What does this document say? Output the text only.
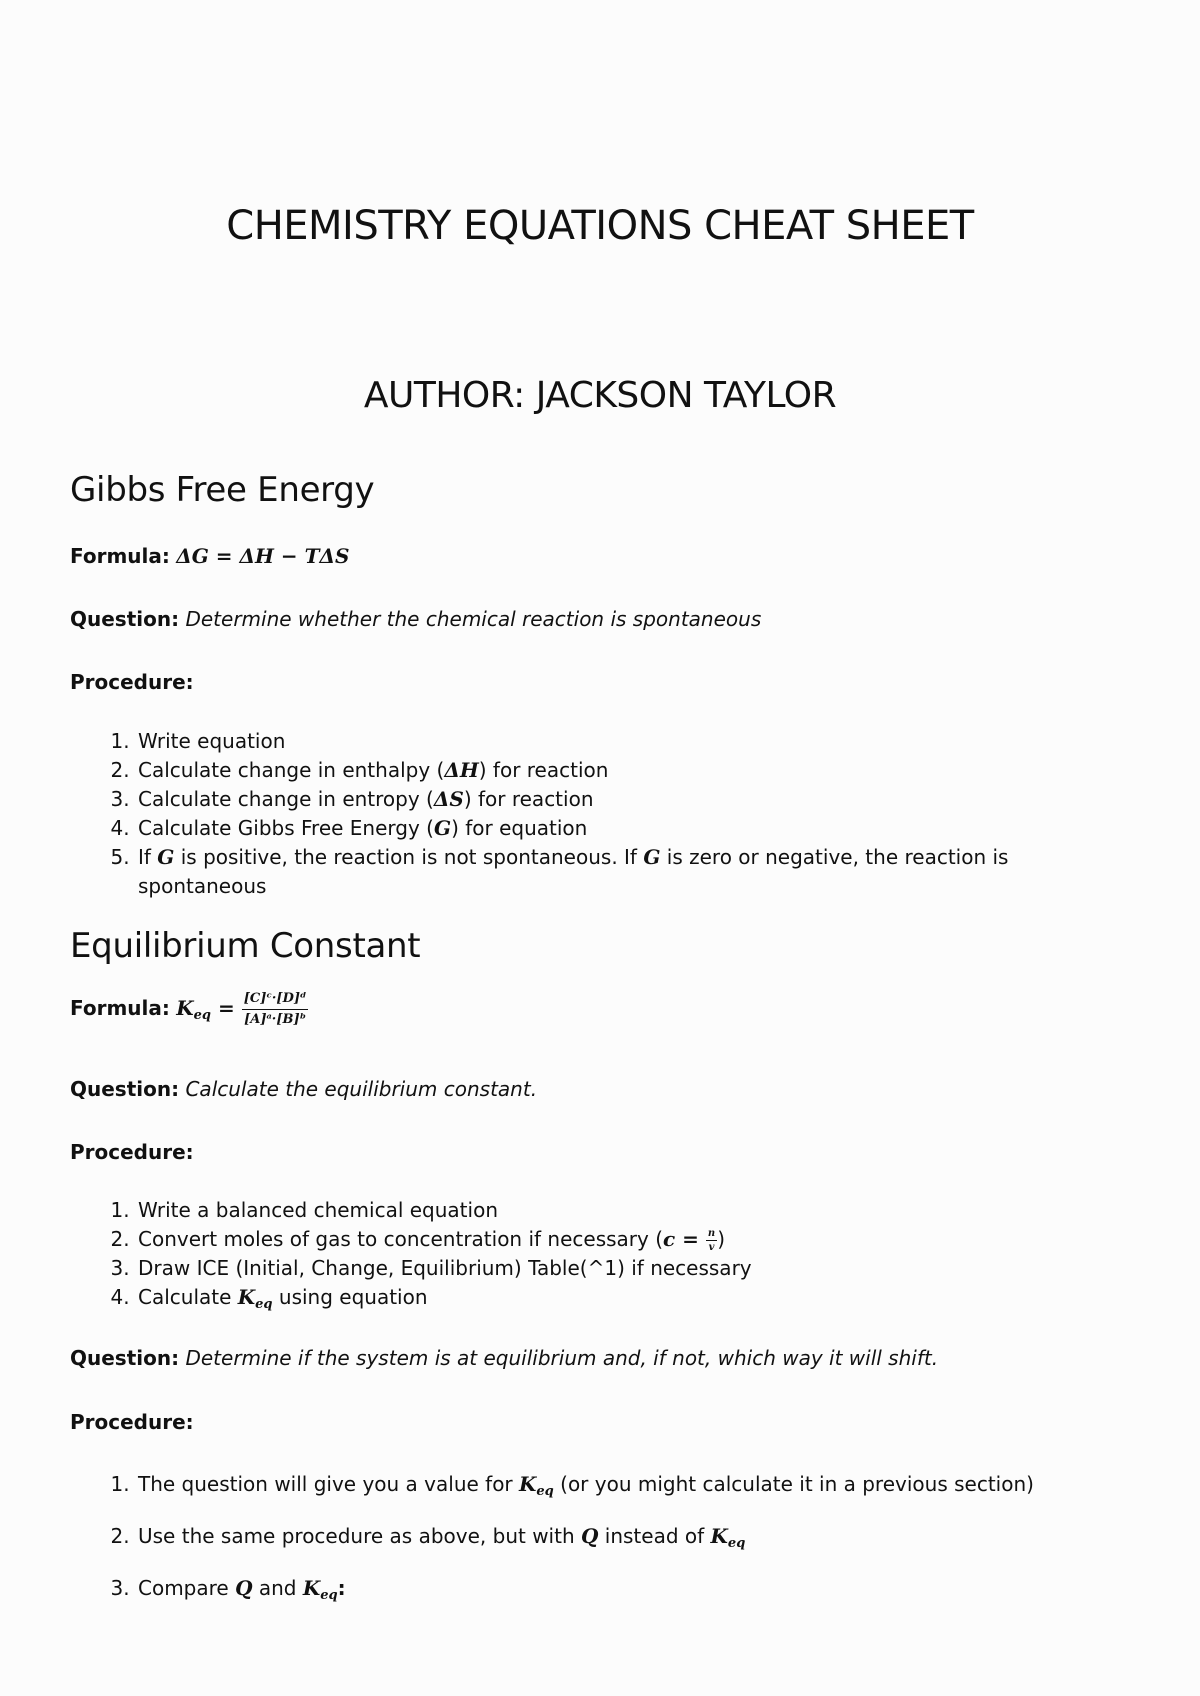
CHEMISTRY EQUATIONS CHEAT SHEET
AUTHOR: JACKSON TAYLOR
Gibbs Free Energy
Formula: ΔG = ΔH − TΔS
Question: Determine whether the chemical reaction is spontaneous
Procedure:
1. Write equation
2. Calculate change in enthalpy (ΔH) for reaction
3. Calculate change in entropy (ΔS) for reaction
4. Calculate Gibbs Free Energy (G) for equation
5. If G is positive, the reaction is not spontaneous. If G is zero or negative, the reaction is spontaneous
Equilibrium Constant
Formula: $K_{eq} = \frac{\text{[C]ᶜ·[D]ᵈ}}{\text{[A]ᵃ·[B]ᵇ}}$
Question: Calculate the equilibrium constant.
Procedure:
1. Write a balanced chemical equation
2. Convert moles of gas to concentration if necessary ($c = \frac{n}{v}$ )
3. Draw ICE (Initial, Change, Equilibrium) Table(^1) if necessary
4. Calculate $K_{eq}$ using equation
Question: Determine if the system is at equilibrium and, if not, which way it will shift.
Procedure:
1. The question will give you a value for $K_{eq}$ (or you might calculate it in a previous section)
2. Use the same procedure as above, but with Q instead of $K_{eq}$
3. Compare Q and $K_{eq}$:
